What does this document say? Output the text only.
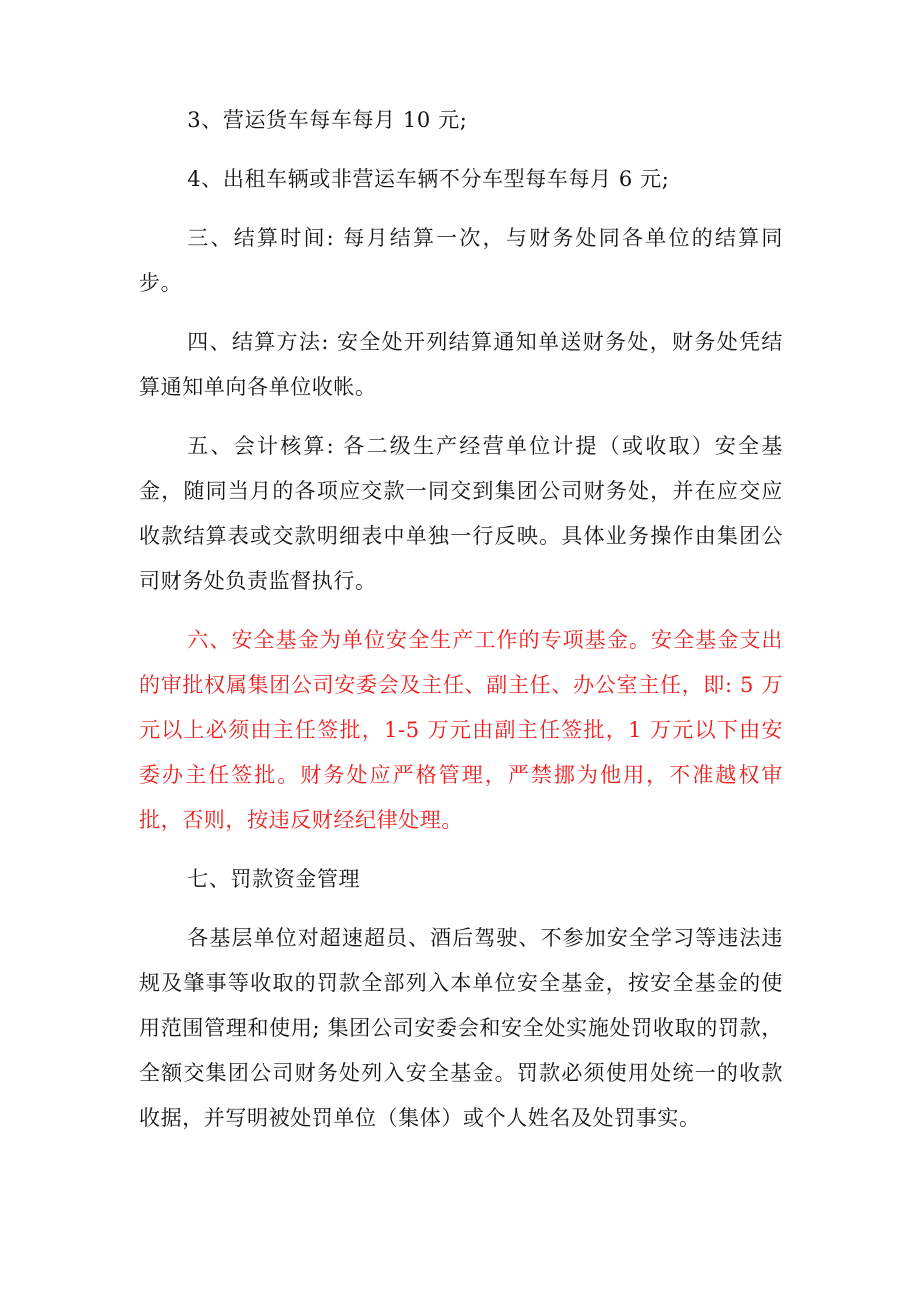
3、营运货车每车每月 10 元;

4、出租车辆或非营运车辆不分车型每车每月 6 元;

三、结算时间: 每月结算一次，与财务处同各单位的结算同步。

四、结算方法: 安全处开列结算通知单送财务处，财务处凭结算通知单向各单位收帐。

五、会计核算: 各二级生产经营单位计提（或收取）安全基金，随同当月的各项应交款一同交到集团公司财务处，并在应交应收款结算表或交款明细表中单独一行反映。具体业务操作由集团公司财务处负责监督执行。

六、安全基金为单位安全生产工作的专项基金。安全基金支出的审批权属集团公司安委会及主任、副主任、办公室主任，即: 5 万元以上必须由主任签批，1-5 万元由副主任签批，1 万元以下由安委办主任签批。财务处应严格管理，严禁挪为他用，不准越权审批，否则，按违反财经纪律处理。

七、罚款资金管理

各基层单位对超速超员、酒后驾驶、不参加安全学习等违法违规及肇事等收取的罚款全部列入本单位安全基金，按安全基金的使用范围管理和使用; 集团公司安委会和安全处实施处罚收取的罚款，全额交集团公司财务处列入安全基金。罚款必须使用处统一的收款收据，并写明被处罚单位（集体）或个人姓名及处罚事实。
